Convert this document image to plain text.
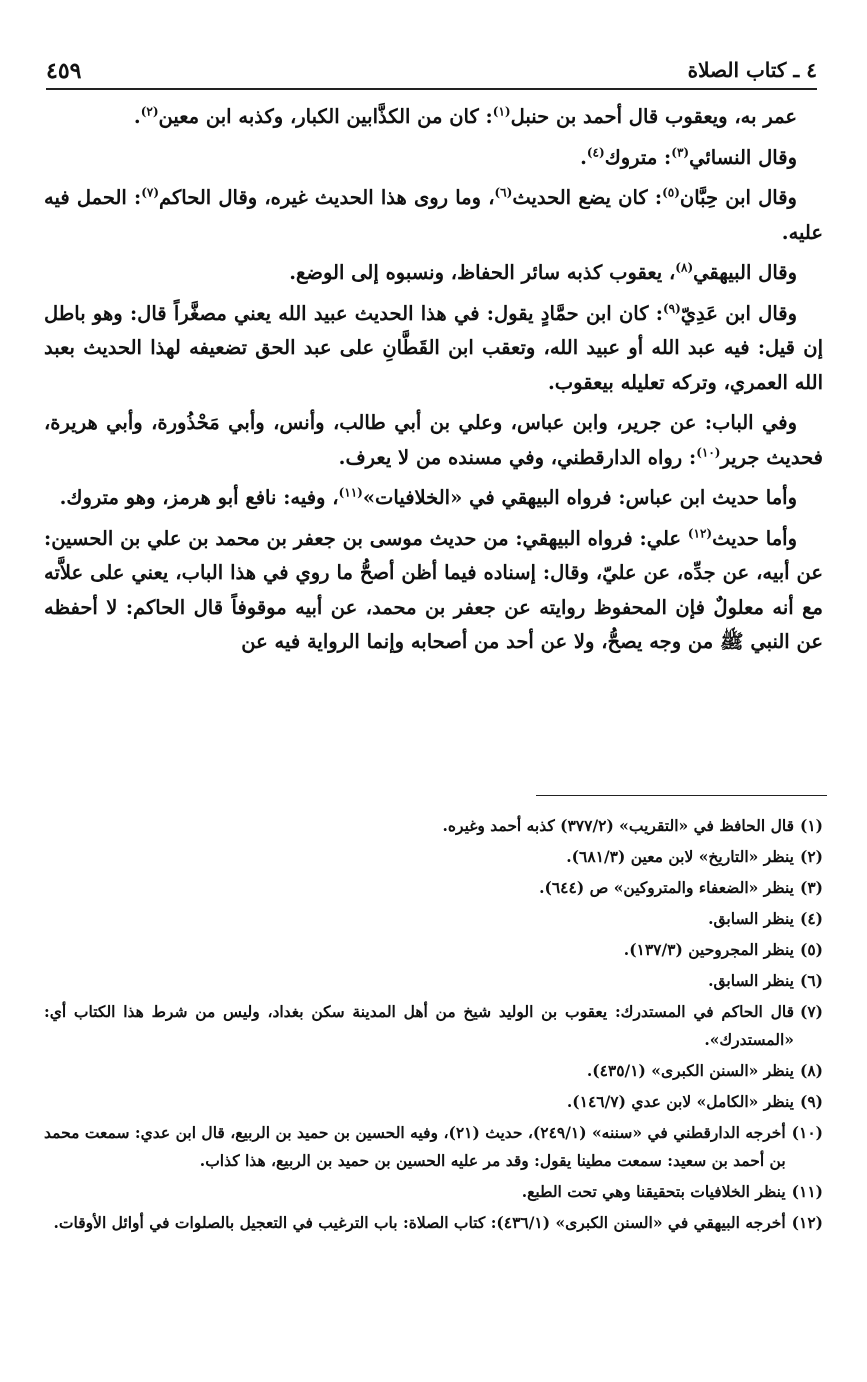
٤ ـ كتاب الصلاة
٤٥٩

عمر به، ويعقوب قال أحمد بن حنبل$^{(١)}$: كان من الكذَّابين الكبار، وكذبه ابن معين$^{(٢)}$.

وقال النسائي$^{(٣)}$: متروك$^{(٤)}$.

وقال ابن حِبَّان$^{(٥)}$: كان يضع الحديث$^{(٦)}$، وما روى هذا الحديث غيره، وقال الحاكم$^{(٧)}$: الحمل فيه عليه.

وقال البيهقي$^{(٨)}$، يعقوب كذبه سائر الحفاظ، ونسبوه إلى الوضع.

وقال ابن عَدِيّ$^{(٩)}$: كان ابن حمَّادٍ يقول: في هذا الحديث عبيد الله يعني مصغَّراً قال: وهو باطل إن قيل: فيه عبد الله أو عبيد الله، وتعقب ابن القَطَّانِ على عبد الحق تضعيفه لهذا الحديث بعبد الله العمري، وتركه تعليله بيعقوب.

وفي الباب: عن جرير، وابن عباس، وعلي بن أبي طالب، وأنس، وأبي مَحْذُورة، وأبي هريرة، فحديث جرير$^{(١٠)}$: رواه الدارقطني، وفي مسنده من لا يعرف.

وأما حديث ابن عباس: فرواه البيهقي في «الخلافيات»$^{(١١)}$، وفيه: نافع أبو هرمز، وهو متروك.

وأما حديث$^{(١٢)}$ علي: فرواه البيهقي: من حديث موسى بن جعفر بن محمد بن علي بن الحسين: عن أبيه، عن جدِّه، عن عليّ، وقال: إسناده فيما أظن أصحُّ ما روي في هذا الباب، يعني على علاَّته مع أنه معلولٌ فإن المحفوظ روايته عن جعفر بن محمد، عن أبيه موقوفاً قال الحاكم: لا أحفظه عن النبي ﷺ من وجه يصحُّ، ولا عن أحد من أصحابه وإنما الرواية فيه عن

(١)
قال الحافظ في «التقريب» (٣٧٧/٢) كذبه أحمد وغيره.
(٢)
ينظر «التاريخ» لابن معين (٦٨١/٣).
(٣)
ينظر «الضعفاء والمتروكين» ص (٦٤٤).
(٤)
ينظر السابق.
(٥)
ينظر المجروحين (١٣٧/٣).
(٦)
ينظر السابق.
(٧)
قال الحاكم في المستدرك: يعقوب بن الوليد شيخ من أهل المدينة سكن بغداد، وليس من شرط هذا الكتاب أي: «المستدرك».
(٨)
ينظر «السنن الكبرى» (٤٣٥/١).
(٩)
ينظر «الكامل» لابن عدي (١٤٦/٧).
(١٠)
أخرجه الدارقطني في «سننه» (٢٤٩/١)، حديث (٢١)، وفيه الحسين بن حميد بن الربيع، قال ابن عدي: سمعت محمد بن أحمد بن سعيد: سمعت مطينا يقول: وقد مر عليه الحسين بن حميد بن الربيع، هذا كذاب.
(١١)
ينظر الخلافيات بتحقيقنا وهي تحت الطبع.
(١٢)
أخرجه البيهقي في «السنن الكبرى» (٤٣٦/١): كتاب الصلاة: باب الترغيب في التعجيل بالصلوات في أوائل الأوقات.
